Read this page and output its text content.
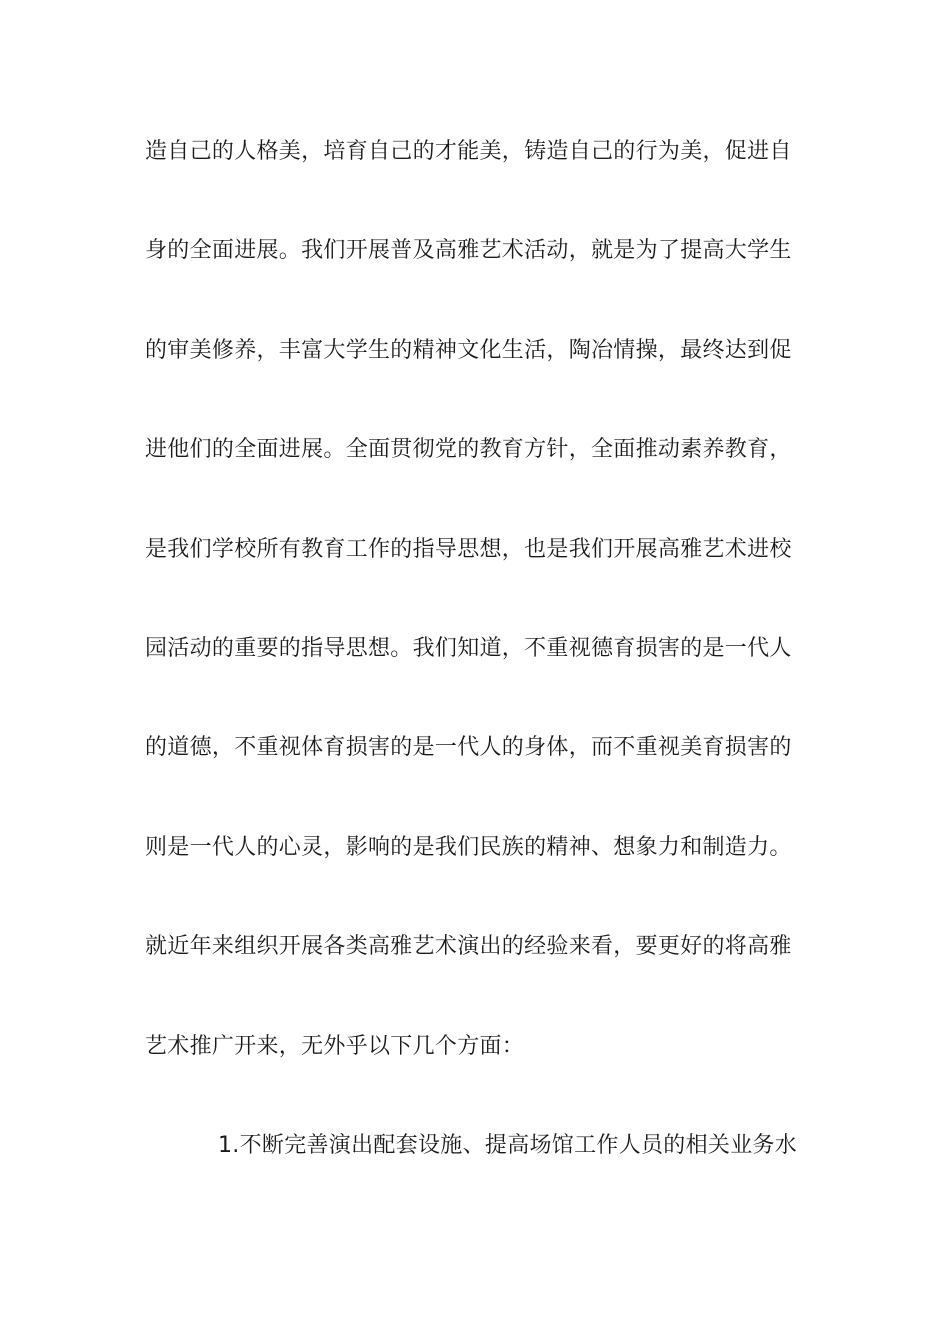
造自己的人格美，培育自己的才能美，铸造自己的行为美，促进自
身的全面进展。我们开展普及高雅艺术活动，就是为了提高大学生
的审美修养，丰富大学生的精神文化生活，陶冶情操，最终达到促
进他们的全面进展。全面贯彻党的教育方针，全面推动素养教育，
是我们学校所有教育工作的指导思想，也是我们开展高雅艺术进校
园活动的重要的指导思想。我们知道，不重视德育损害的是一代人
的道德，不重视体育损害的是一代人的身体，而不重视美育损害的
则是一代人的心灵，影响的是我们民族的精神、想象力和制造力。
就近年来组织开展各类高雅艺术演出的经验来看，要更好的将高雅
艺术推广开来，无外乎以下几个方面：
1.不断完善演出配套设施、提高场馆工作人员的相关业务水
